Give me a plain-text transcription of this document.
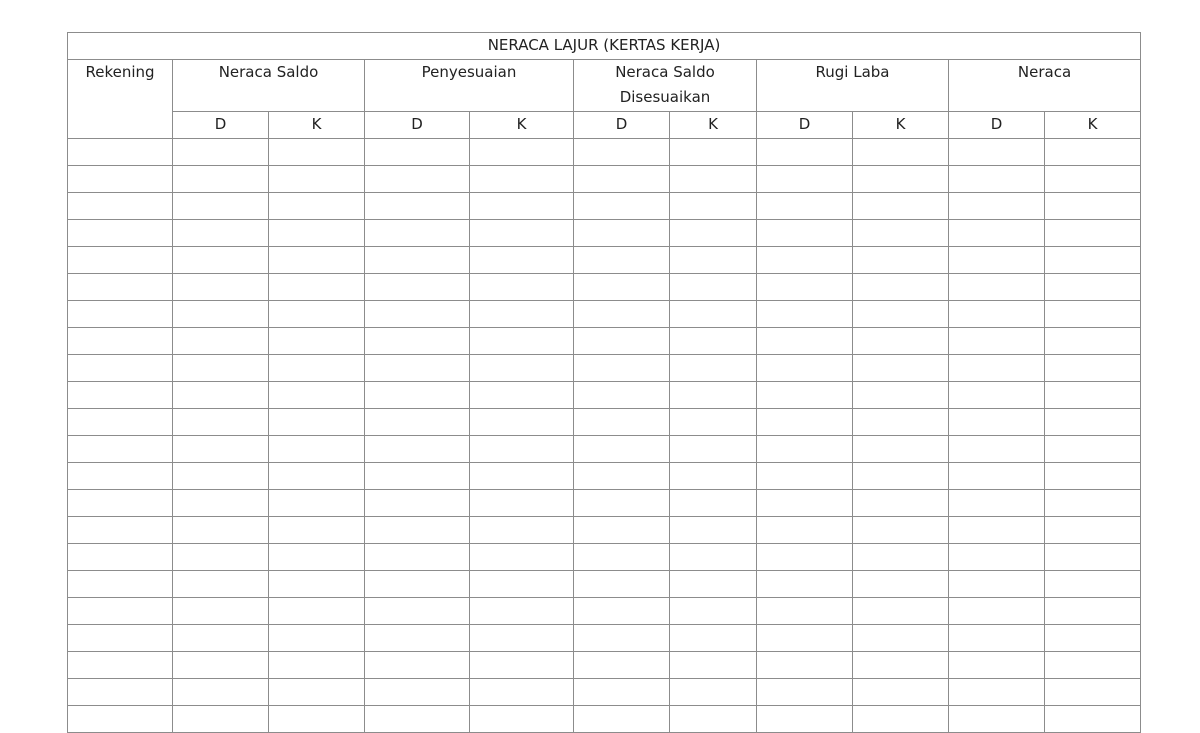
NERACA LAJUR (KERTAS KERJA)										
Rekening	Neraca Saldo		Penyesuaian		Neraca Saldo Disesuaikan		Rugi Laba		Neraca	
	D	K	D	K	D	K	D	K	D	K
